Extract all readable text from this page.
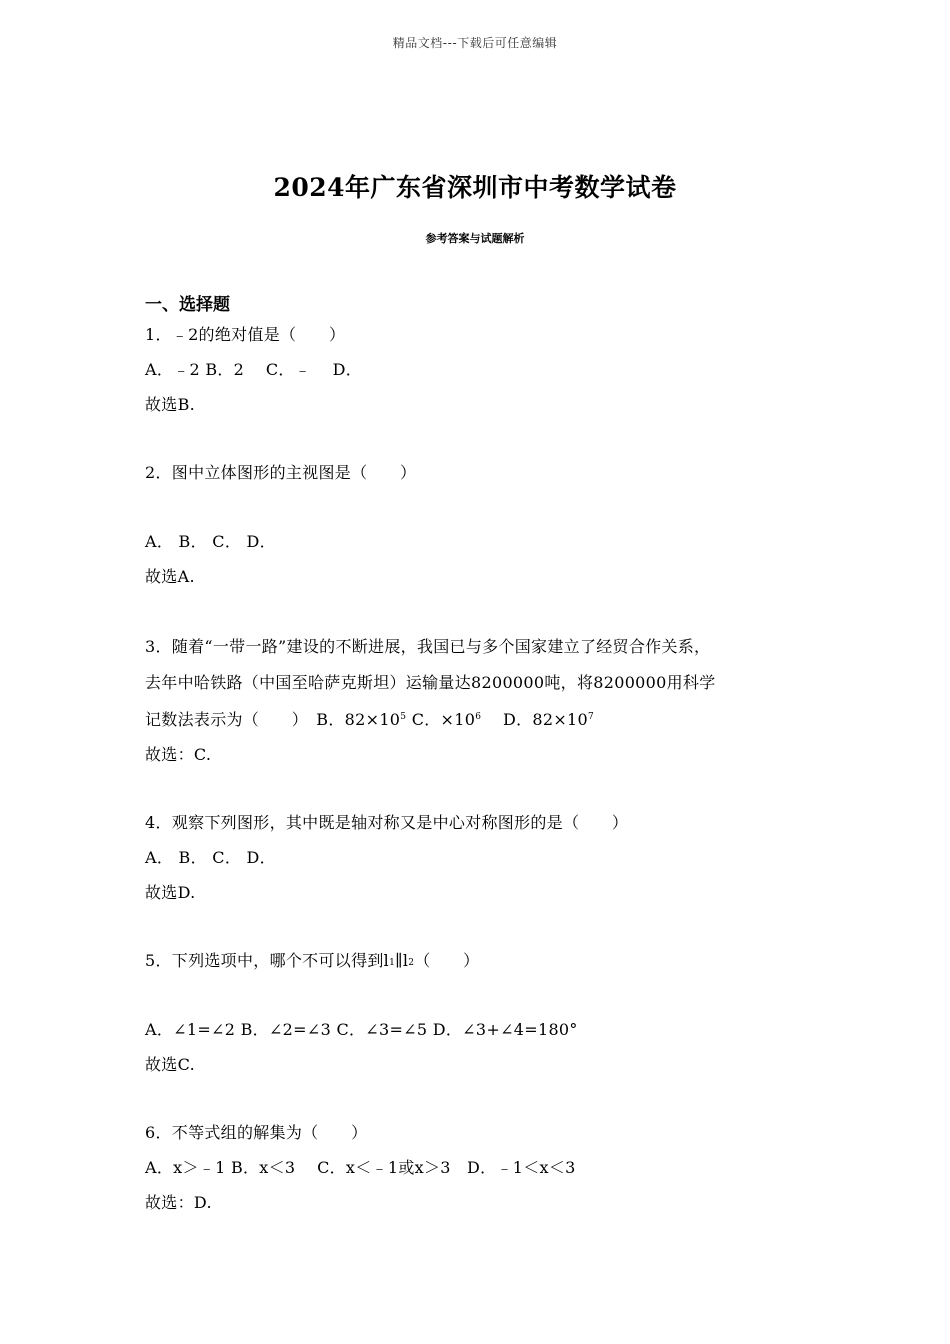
精品文档---下载后可任意编辑
2024年广东省深圳市中考数学试卷
参考答案与试题解析
一、选择题
1．﹣2的绝对值是（　　）
A．﹣2 B．2　 C．﹣　 D．
故选B.
2．图中立体图形的主视图是（　　）
A． B． C． D．
故选A.
3．随着“一带一路”建设的不断进展，我国已与多个国家建立了经贸合作关系，
去年中哈铁路（中国至哈萨克斯坦）运输量达8200000吨，将8200000用科学
记数法表示为（　　）　B．$82\times 10^5$ C．$\times 10^6$　 D．$82\times 10^7$
故选：C.
4．观察下列图形，其中既是轴对称又是中心对称图形的是（　　）
A． B． C． D．
故选D.
5．下列选项中，哪个不可以得到$l_1\parallel l_2$（　　）
A．∠1=∠2 B．∠2=∠3 C．∠3=∠5 D．∠3+∠4=180°
故选C.
6．不等式组的解集为（　　）
A．x＞﹣1 B．x＜3　 C．x＜﹣1或x＞3　D．﹣1＜x＜3
故选：D.
